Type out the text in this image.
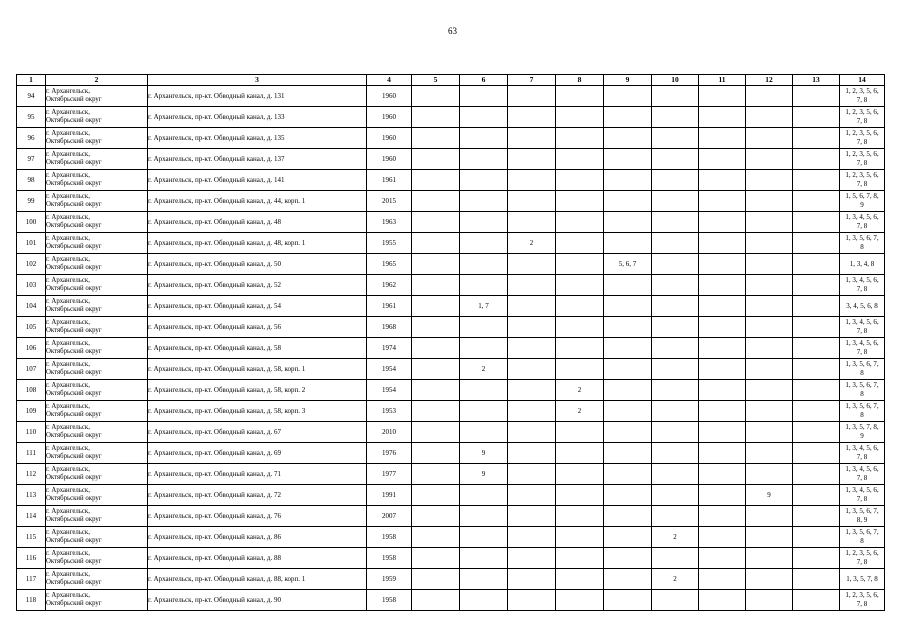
63
1	2	3	4	5	6	7	8	9	10	11	12	13	14
94	г. Архангельск,
Октябрьский округ	г. Архангельск, пр-кт. Обводный канал, д. 131	1960										1, 2, 3, 5, 6,
7, 8
95	г. Архангельск,
Октябрьский округ	г. Архангельск, пр-кт. Обводный канал, д. 133	1960										1, 2, 3, 5, 6,
7, 8
96	г. Архангельск,
Октябрьский округ	г. Архангельск, пр-кт. Обводный канал, д. 135	1960										1, 2, 3, 5, 6,
7, 8
97	г. Архангельск,
Октябрьский округ	г. Архангельск, пр-кт. Обводный канал, д. 137	1960										1, 2, 3, 5, 6,
7, 8
98	г. Архангельск,
Октябрьский округ	г. Архангельск, пр-кт. Обводный канал, д. 141	1961										1, 2, 3, 5, 6,
7, 8
99	г. Архангельск,
Октябрьский округ	г. Архангельск, пр-кт. Обводный канал, д. 44, корп. 1	2015										1, 5, 6, 7, 8,
9
100	г. Архангельск,
Октябрьский округ	г. Архангельск, пр-кт. Обводный канал, д. 48	1963										1, 3, 4, 5, 6,
7, 8
101	г. Архангельск,
Октябрьский округ	г. Архангельск, пр-кт. Обводный канал, д. 48, корп. 1	1955			2							1, 3, 5, 6, 7,
8
102	г. Архангельск,
Октябрьский округ	г. Архангельск, пр-кт. Обводный канал, д. 50	1965					5, 6, 7					1, 3, 4, 8
103	г. Архангельск,
Октябрьский округ	г. Архангельск, пр-кт. Обводный канал, д. 52	1962										1, 3, 4, 5, 6,
7, 8
104	г. Архангельск,
Октябрьский округ	г. Архангельск, пр-кт. Обводный канал, д. 54	1961		1, 7								3, 4, 5, 6, 8
105	г. Архангельск,
Октябрьский округ	г. Архангельск, пр-кт. Обводный канал, д. 56	1968										1, 3, 4, 5, 6,
7, 8
106	г. Архангельск,
Октябрьский округ	г. Архангельск, пр-кт. Обводный канал, д. 58	1974										1, 3, 4, 5, 6,
7, 8
107	г. Архангельск,
Октябрьский округ	г. Архангельск, пр-кт. Обводный канал, д. 58, корп. 1	1954		2								1, 3, 5, 6, 7,
8
108	г. Архангельск,
Октябрьский округ	г. Архангельск, пр-кт. Обводный канал, д. 58, корп. 2	1954				2						1, 3, 5, 6, 7,
8
109	г. Архангельск,
Октябрьский округ	г. Архангельск, пр-кт. Обводный канал, д. 58, корп. 3	1953				2						1, 3, 5, 6, 7,
8
110	г. Архангельск,
Октябрьский округ	г. Архангельск, пр-кт. Обводный канал, д. 67	2010										1, 3, 5, 7, 8,
9
111	г. Архангельск,
Октябрьский округ	г. Архангельск, пр-кт. Обводный канал, д. 69	1976		9								1, 3, 4, 5, 6,
7, 8
112	г. Архангельск,
Октябрьский округ	г. Архангельск, пр-кт. Обводный канал, д. 71	1977		9								1, 3, 4, 5, 6,
7, 8
113	г. Архангельск,
Октябрьский округ	г. Архангельск, пр-кт. Обводный канал, д. 72	1991								9		1, 3, 4, 5, 6,
7, 8
114	г. Архангельск,
Октябрьский округ	г. Архангельск, пр-кт. Обводный канал, д. 76	2007										1, 3, 5, 6, 7,
8, 9
115	г. Архангельск,
Октябрьский округ	г. Архангельск, пр-кт. Обводный канал, д. 86	1958						2				1, 3, 5, 6, 7,
8
116	г. Архангельск,
Октябрьский округ	г. Архангельск, пр-кт. Обводный канал, д. 88	1958										1, 2, 3, 5, 6,
7, 8
117	г. Архангельск,
Октябрьский округ	г. Архангельск, пр-кт. Обводный канал, д. 88, корп. 1	1959						2				1, 3, 5, 7, 8
118	г. Архангельск,
Октябрьский округ	г. Архангельск, пр-кт. Обводный канал, д. 90	1958										1, 2, 3, 5, 6,
7, 8
